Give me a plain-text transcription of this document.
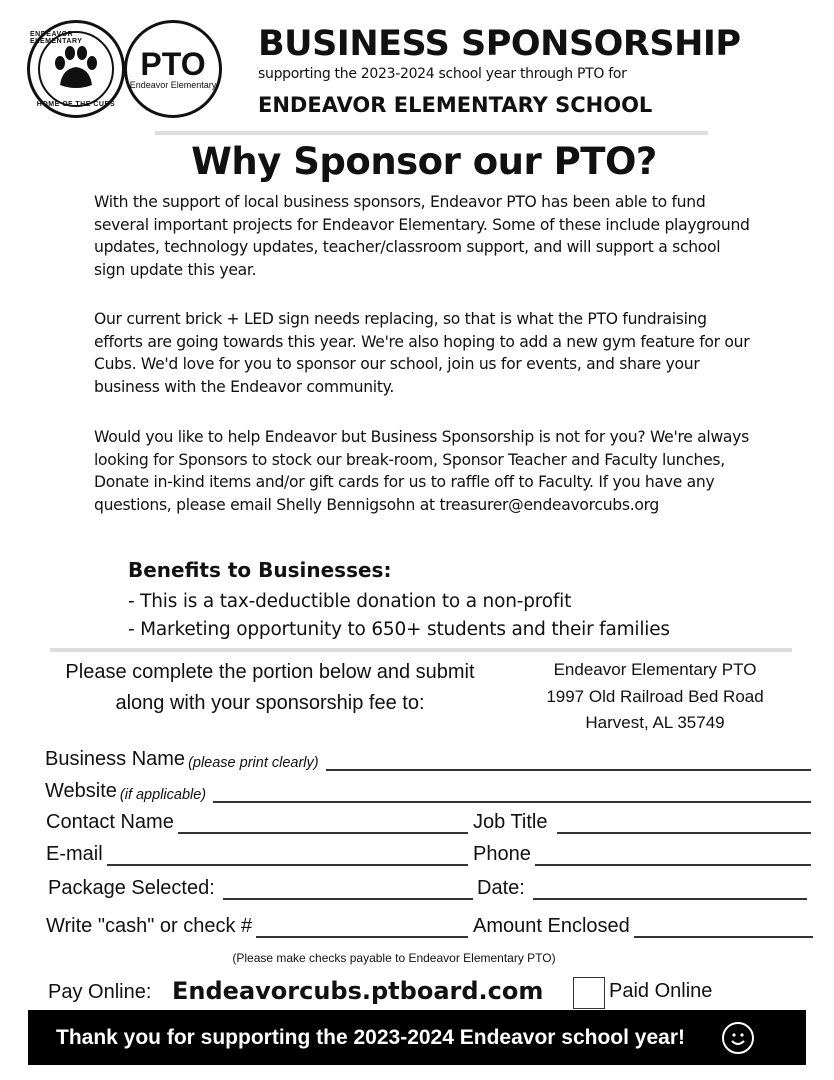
ENDEAVOR ELEMENTARY
HOME OF THE CUBS
PTO
Endeavor Elementary
BUSINESS SPONSORSHIP
supporting the 2023-2024 school year through PTO for
ENDEAVOR ELEMENTARY SCHOOL
Why Sponsor our PTO?
With the support of local business sponsors, Endeavor PTO has been able to fund several important projects for Endeavor Elementary. Some of these include playground updates, technology updates, teacher/classroom support, and will support a school sign update this year.
Our current brick + LED sign needs replacing, so that is what the PTO fundraising efforts are going towards this year. We're also hoping to add a new gym feature for our Cubs. We'd love for you to sponsor our school, join us for events, and share your business with the Endeavor community.
Would you like to help Endeavor but Business Sponsorship is not for you? We're always looking for Sponsors to stock our break-room, Sponsor Teacher and Faculty lunches, Donate in-kind items and/or gift cards for us to raffle off to Faculty. If you have any questions, please email Shelly Bennigsohn at treasurer@endeavorcubs.org
Benefits to Businesses:
- This is a tax-deductible donation to a non-profit
- Marketing opportunity to 650+ students and their families
Please complete the portion below and submit
along with your sponsorship fee to:
Endeavor Elementary PTO
1997 Old Railroad Bed Road
Harvest, AL 35749
Business Name (please print clearly)
Website (if applicable)
Contact Name	Job Title
E-mail	Phone
Package Selected:	Date:
Write "cash" or check #	Amount Enclosed
(Please make checks payable to Endeavor Elementary PTO)
Pay Online: Endeavorcubs.ptboard.com	Paid Online
Thank you for supporting the 2023-2024 Endeavor school year!
